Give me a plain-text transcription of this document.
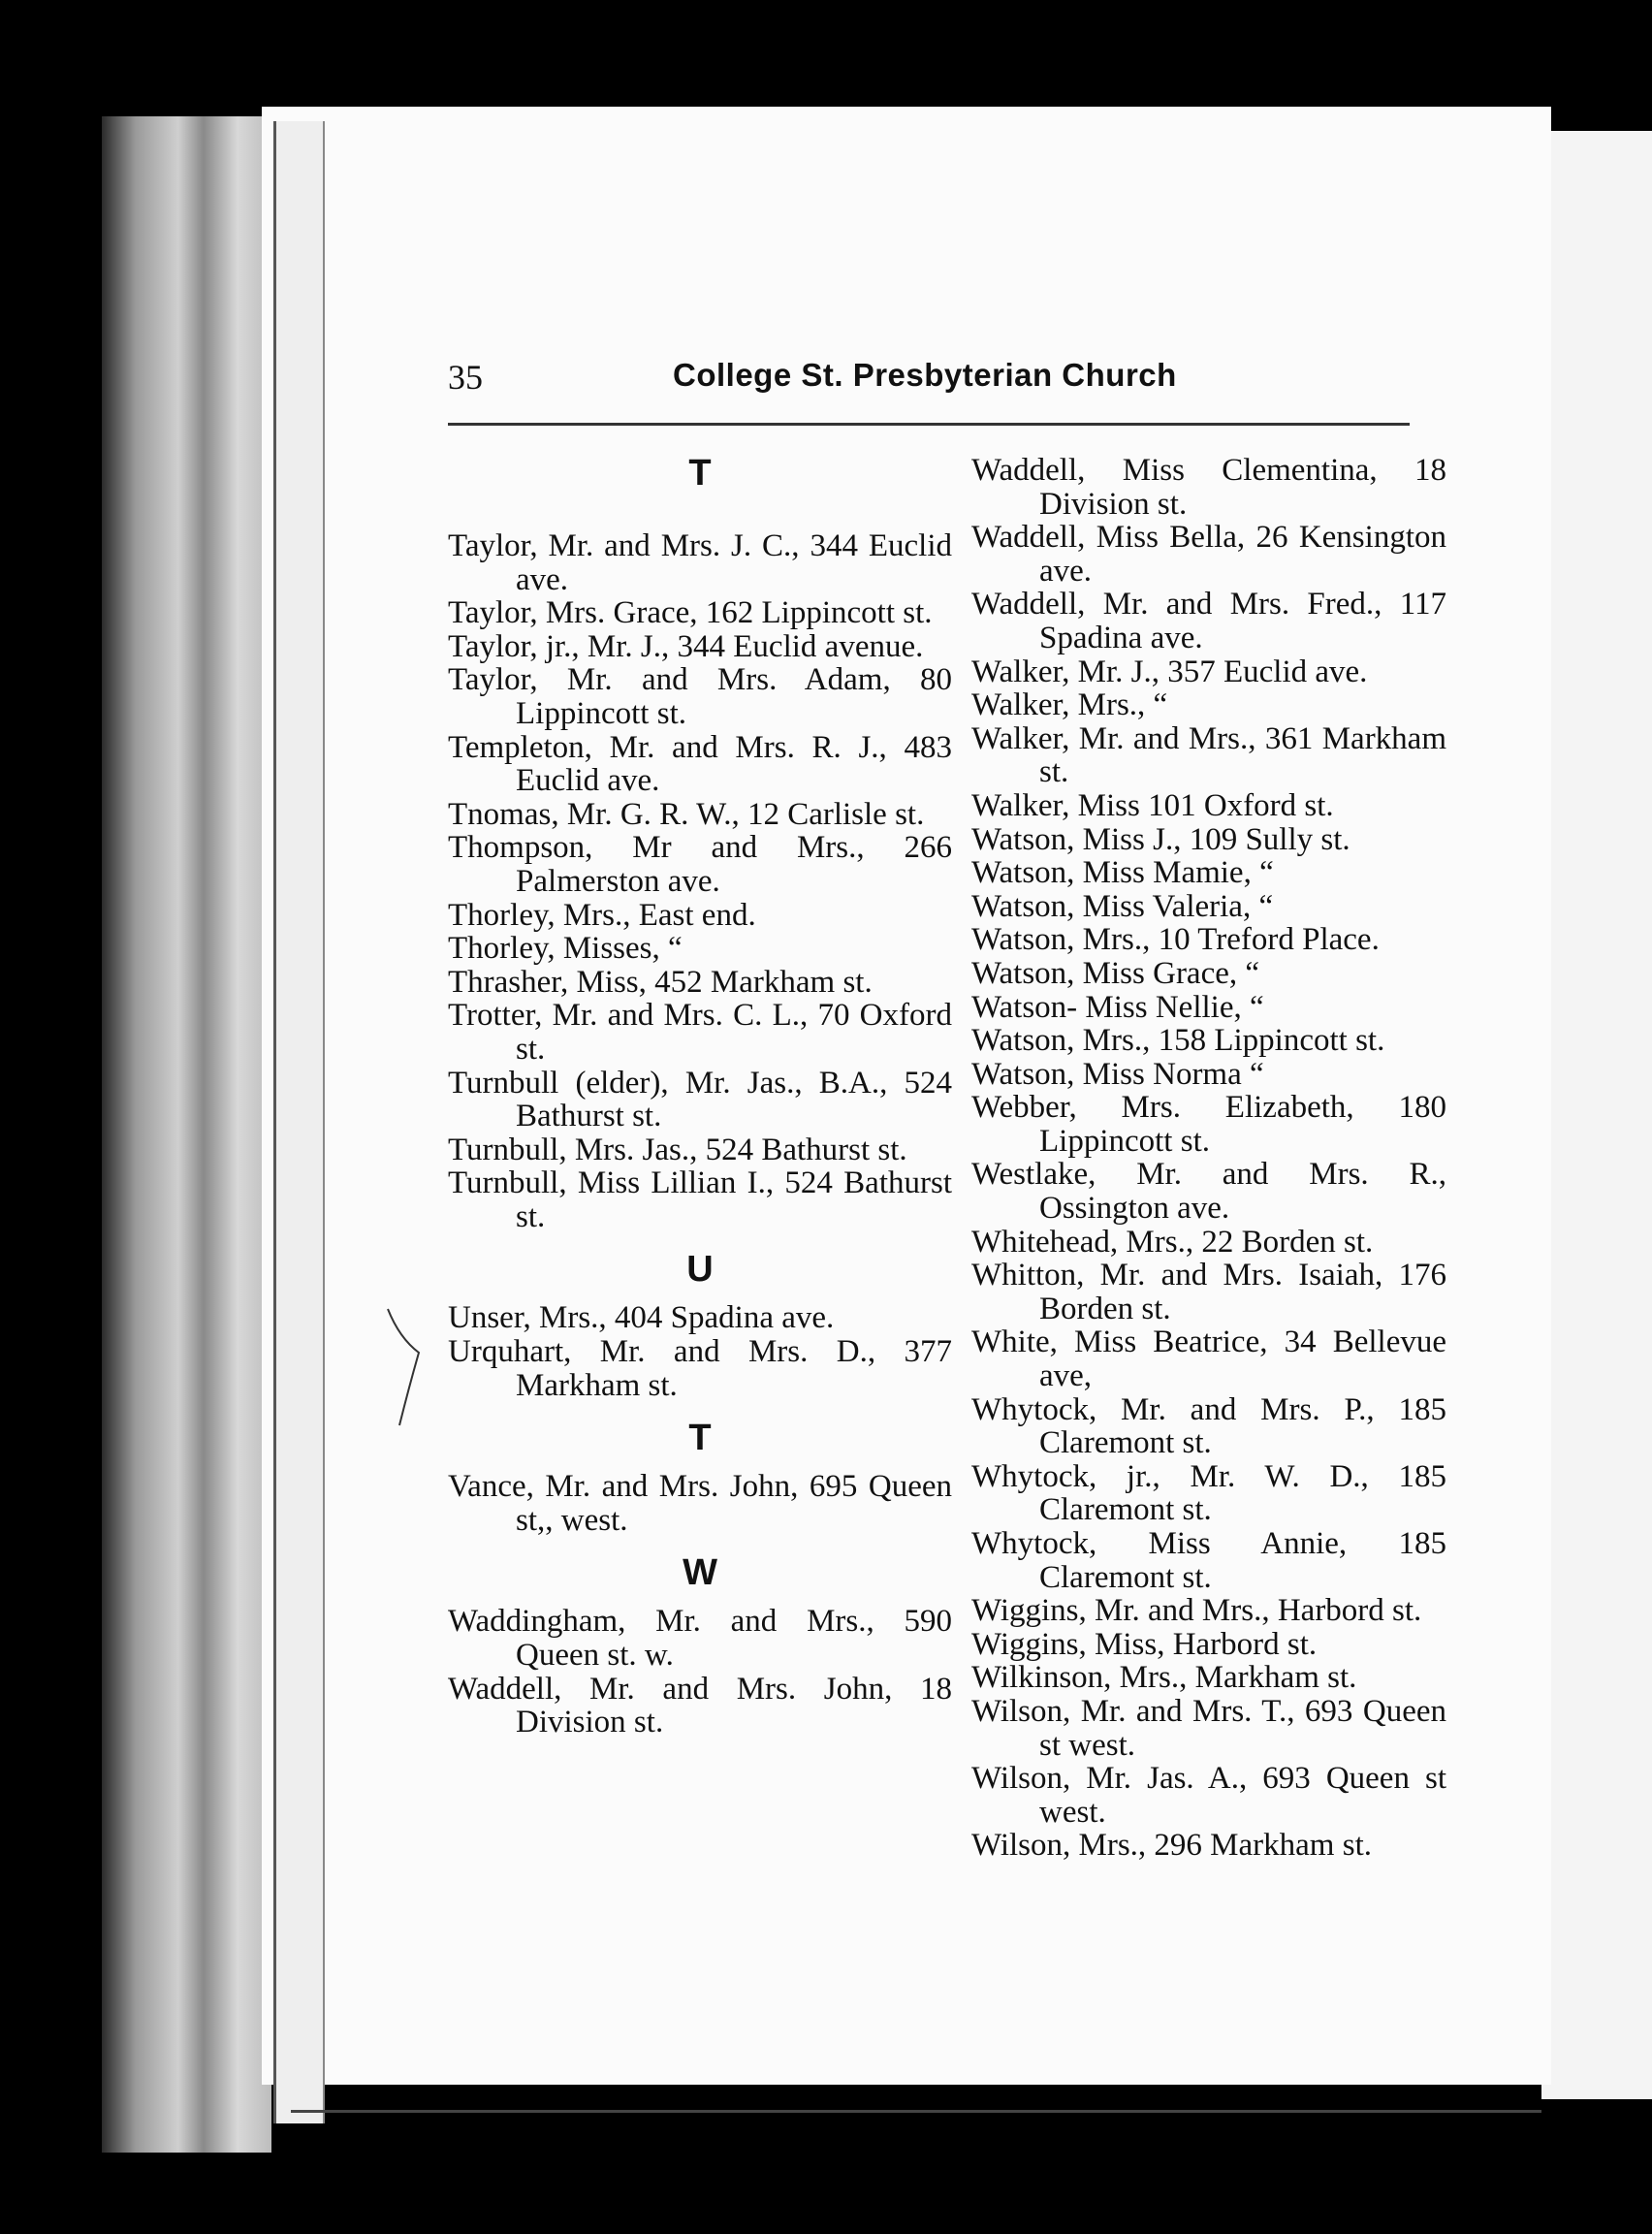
35	College St. Presbyterian Church
T
Taylor, Mr. and Mrs. J. C., 344 Euclid ave.
Taylor, Mrs. Grace, 162 Lippincott st.
Taylor, jr., Mr. J., 344 Euclid avenue.
Taylor, Mr. and Mrs. Adam, 80 Lippincott st.
Templeton, Mr. and Mrs. R. J., 483 Euclid ave.
Tnomas, Mr. G. R. W., 12 Carlisle st.
Thompson, Mr and Mrs., 266 Palmerston ave.
Thorley, Mrs., East end.
Thorley, Misses, “
Thrasher, Miss, 452 Markham st.
Trotter, Mr. and Mrs. C. L., 70 Oxford st.
Turnbull (elder), Mr. Jas., B.A., 524 Bathurst st.
Turnbull, Mrs. Jas., 524 Bathurst st.
Turnbull, Miss Lillian I., 524 Bathurst st.
U
Unser, Mrs., 404 Spadina ave.
Urquhart, Mr. and Mrs. D., 377 Markham st.
T
Vance, Mr. and Mrs. John, 695 Queen st,, west.
W
Waddingham, Mr. and Mrs., 590 Queen st. w.
Waddell, Mr. and Mrs. John, 18 Division st.
Waddell, Miss Clementina, 18 Division st.
Waddell, Miss Bella, 26 Kensington ave.
Waddell, Mr. and Mrs. Fred., 117 Spadina ave.
Walker, Mr. J., 357 Euclid ave.
Walker, Mrs., “
Walker, Mr. and Mrs., 361 Markham st.
Walker, Miss 101 Oxford st.
Watson, Miss J., 109 Sully st.
Watson, Miss Mamie, “
Watson, Miss Valeria, “
Watson, Mrs., 10 Treford Place.
Watson, Miss Grace, “
Watson- Miss Nellie, “
Watson, Mrs., 158 Lippincott st.
Watson, Miss Norma “
Webber, Mrs. Elizabeth, 180 Lippincott st.
Westlake, Mr. and Mrs. R., Ossington ave.
Whitehead, Mrs., 22 Borden st.
Whitton, Mr. and Mrs. Isaiah, 176 Borden st.
White, Miss Beatrice, 34 Bellevue ave,
Whytock, Mr. and Mrs. P., 185 Claremont st.
Whytock, jr., Mr. W. D., 185 Claremont st.
Whytock, Miss Annie, 185 Claremont st.
Wiggins, Mr. and Mrs., Harbord st.
Wiggins, Miss, Harbord st.
Wilkinson, Mrs., Markham st.
Wilson, Mr. and Mrs. T., 693 Queen st west.
Wilson, Mr. Jas. A., 693 Queen st west.
Wilson, Mrs., 296 Markham st.
